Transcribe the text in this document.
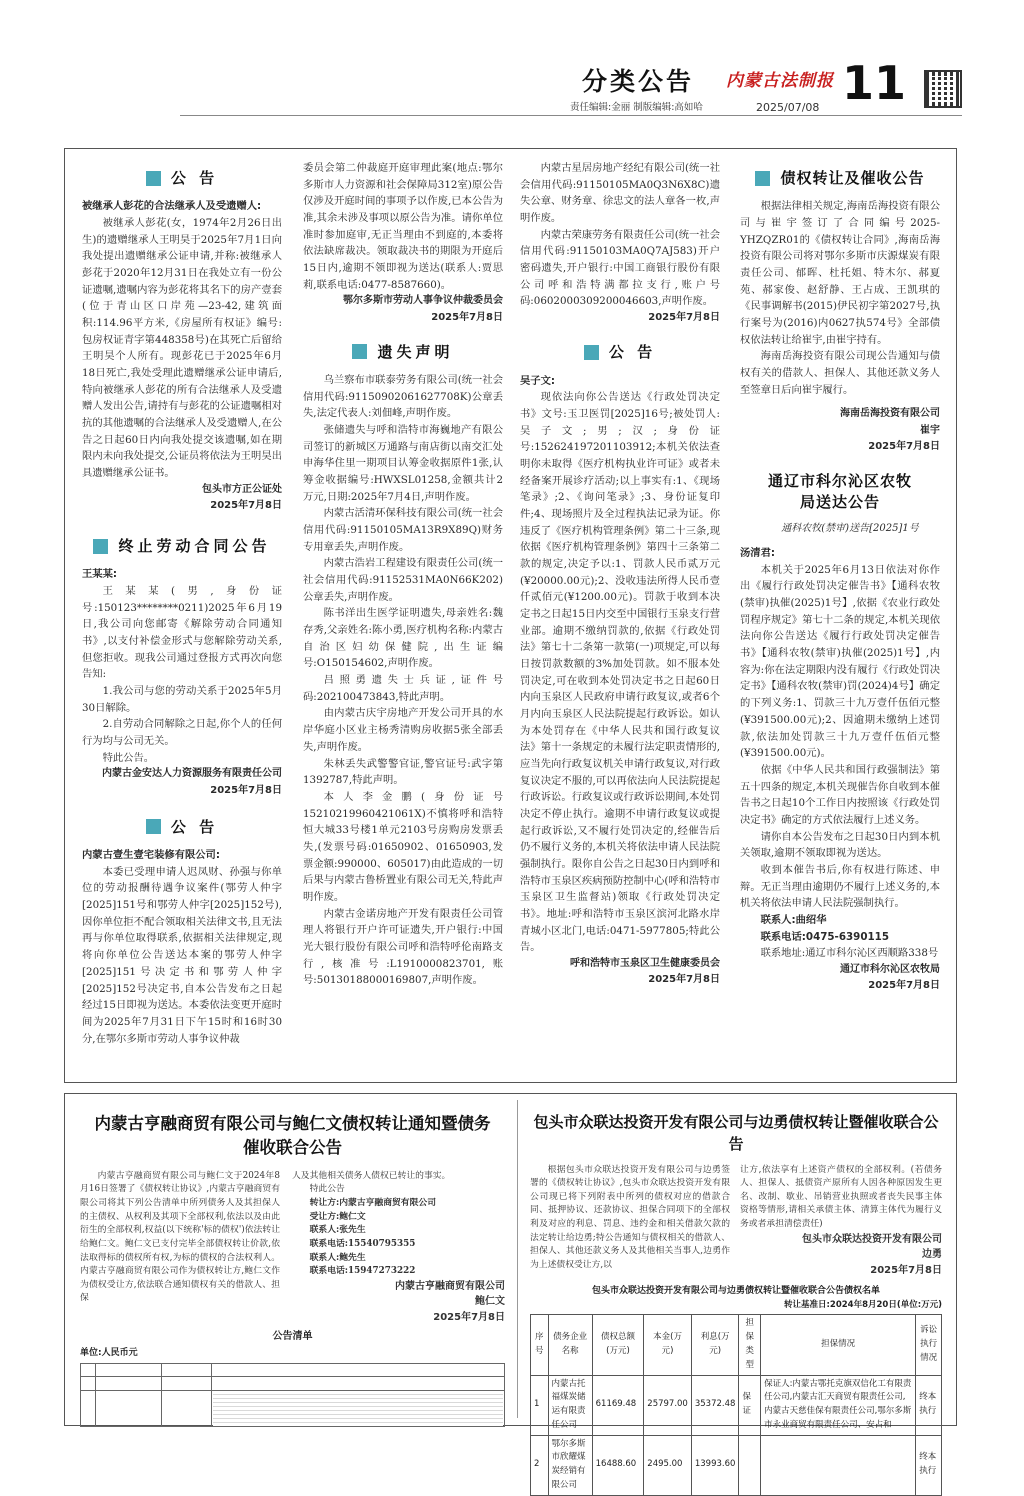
分类公告 内蒙古法制报
责任编辑:金丽 制版编辑:高如哈	2025/07/08 11
公 告

被继承人彭花的合法继承人及受遗赠人:

被继承人彭花(女，1974年2月26日出生)的遗赠继承人王明昊于2025年7月1日向我处提出遗赠继承公证申请,并称:被继承人彭花于2020年12月31日在我处立有一份公证遗嘱,遗嘱内容为彭花将其名下的房产壹套(位于青山区口岸苑—23-42,建筑面积:114.96平方米,《房屋所有权证》编号:包房权证青字第448358号)在其死亡后留给王明昊个人所有。现彭花已于2025年6月18日死亡,我处受理此遗赠继承公证申请后,特向被继承人彭花的所有合法继承人及受遗赠人发出公告,请持有与彭花的公证遗嘱相对抗的其他遗嘱的合法继承人及受遗赠人,在公告之日起60日内向我处提交该遗嘱,如在期限内未向我处提交,公证员将依法为王明昊出具遗赠继承公证书。

包头市方正公证处

2025年7月8日

终止劳动合同公告

王某某:

王某某(男,身份证号:150123********0211)2025年6月19日,我公司向您邮寄《解除劳动合同通知书》,以支付补偿金形式与您解除劳动关系,但您拒收。现我公司通过登报方式再次向您告知:

1.我公司与您的劳动关系于2025年5月30日解除。

2.自劳动合同解除之日起,你个人的任何行为均与公司无关。

特此公告。

内蒙古金安达人力资源服务有限责任公司

2025年7月8日

公 告

内蒙古壹生壹宅装修有限公司:

本委已受理申请人迟凤财、孙强与你单位的劳动报酬待遇争议案件(鄂劳人仲字[2025]151号和鄂劳人仲字[2025]152号),因你单位拒不配合领取相关法律文书,且无法再与你单位取得联系,依据相关法律规定,现将向你单位公告送达本案的鄂劳人仲字[2025]151号决定书和鄂劳人仲字[2025]152号决定书,自本公告发布之日起经过15日即视为送达。本委依法变更开庭时间为2025年7月31日下午15时和16时30分,在鄂尔多斯市劳动人事争议仲裁

委员会第二仲裁庭开庭审理此案(地点:鄂尔多斯市人力资源和社会保障局312室)原公告仅涉及开庭时间的事项予以作废,已本公告为准,其余未涉及事项以原公告为准。请你单位准时参加庭审,无正当理由不到庭的,本委将依法缺席裁决。领取裁决书的期限为开庭后15日内,逾期不领即视为送达(联系人:贾思莉,联系电话:0477-8587660)。

鄂尔多斯市劳动人事争议仲裁委员会

2025年7月8日

遗失声明

乌兰察布市联泰劳务有限公司(统一社会信用代码:91150902061627708K)公章丢失,法定代表人:刘佃峰,声明作废。

张储遗失与呼和浩特市海巍地产有限公司签订的新城区万通路与南店街以南交汇处申海华住里一期项目认筹金收据原件1张,认筹金收据编号:HWXSL01258,金额共计2万元,日期:2025年7月4日,声明作废。

内蒙古活清环保科技有限公司(统一社会信用代码:91150105MA13R9X89Q)财务专用章丢失,声明作废。

内蒙古浩岩工程建设有限责任公司(统一社会信用代码:91152531MA0N66K202)公章丢失,声明作废。

陈书洋出生医学证明遗失,母亲姓名:魏存秀,父亲姓名:陈小勇,医疗机构名称:内蒙古自治区妇幼保健院,出生证编号:O150154602,声明作废。

吕照勇遗失士兵证,证件号码:202100473843,特此声明。

由内蒙古庆宇房地产开发公司开具的水岸华庭小区业主杨秀清购房收据5张全部丢失,声明作废。

朱林丢失武警警官证,警官证号:武字第1392787,特此声明。

本人李金鹏(身份证号15210219960421061X)不慎将呼和浩特恒大城33号楼1单元2103号房购房发票丢失,(发票号码:01650902、01650903,发票金额:990000、605017)由此造成的一切后果与内蒙古鲁桥置业有限公司无关,特此声明作废。

内蒙古金诺房地产开发有限责任公司管理人将银行开户许可证遗失,开户银行:中国光大银行股份有限公司呼和浩特呼伦南路支行,核准号:L1910000823701,账号:50130188000169807,声明作废。

内蒙古星居房地产经纪有限公司(统一社会信用代码:91150105MA0Q3N6X8C)遗失公章、财务章、徐忠文的法人章各一枚,声明作废。

内蒙古荣康劳务有限责任公司(统一社会信用代码:91150103MA0Q7AJ583)开户密码遗失,开户银行:中国工商银行股份有限公司呼和浩特满都拉支行,账户号码:0602000309200046603,声明作废。

2025年7月8日

公 告

吴子文:

现依法向你公告送达《行政处罚决定书》文号:玉卫医罚[2025]16号;被处罚人:吴子文;男;汉;身份证号:152624197201103912;本机关依法查明你未取得《医疗机构执业许可证》或者未经备案开展诊疗活动;以上事实有:1、《现场笔录》;2、《询问笔录》;3、身份证复印件;4、现场照片及全过程执法记录为证。你违反了《医疗机构管理条例》第二十三条,现依据《医疗机构管理条例》第四十三条第二款的规定,决定予以:1、罚款人民币贰万元(¥20000.00元);2、没收违法所得人民币壹仟贰佰元(¥1200.00元)。罚款于收到本决定书之日起15日内交至中国银行玉泉支行营业部。逾期不缴纳罚款的,依据《行政处罚法》第七十二条第一款第(一)项规定,可以每日按罚款数额的3%加处罚款。如不服本处罚决定,可在收到本处罚决定书之日起60日内向玉泉区人民政府申请行政复议,或者6个月内向玉泉区人民法院提起行政诉讼。如认为本处罚存在《中华人民共和国行政复议法》第十一条规定的未履行法定职责情形的,应当先向行政复议机关申请行政复议,对行政复议决定不服的,可以再依法向人民法院提起行政诉讼。行政复议或行政诉讼期间,本处罚决定不停止执行。逾期不申请行政复议或提起行政诉讼,又不履行处罚决定的,经催告后仍不履行义务的,本机关将依法申请人民法院强制执行。限你自公告之日起30日内到呼和浩特市玉泉区疾病预防控制中心(呼和浩特市玉泉区卫生监督站)领取《行政处罚决定书》。地址:呼和浩特市玉泉区滨河北路水岸青城小区北门,电话:0471-5977805;特此公告。

呼和浩特市玉泉区卫生健康委员会

2025年7月8日

债权转让及催收公告

根据法律相关规定,海南岳海投资有限公司与崔宇签订了合同编号2025-YHZQZR01的《债权转让合同》,海南岳海投资有限公司将对鄂尔多斯市庆源煤炭有限责任公司、郁晖、杜托姐、特木尔、郝夏苑、郝家俊、赵舒静、王占成、王凯琪的《民事调解书(2015)伊民初字第2027号,执行案号为(2016)内0627执574号》全部债权依法转让给崔宇,由崔宇持有。

海南岳海投资有限公司现公告通知与债权有关的借款人、担保人、其他还款义务人至签章日后向崔宇履行。

海南岳海投资有限公司

崔宇

2025年7月8日

通辽市科尔沁区农牧局送达公告

通科农牧(禁审)送告[2025]1号

汤清君:

本机关于2025年6月13日依法对你作出《履行行政处罚决定催告书》【通科农牧(禁审)执催(2025)1号】,依据《农业行政处罚程序规定》第七十二条的规定,本机关现依法向你公告送达《履行行政处罚决定催告书》【通科农牧(禁审)执催(2025)1号】,内容为:你在法定期限内没有履行《行政处罚决定书》【通科农牧(禁审)罚(2024)4号】确定的下列义务:1、罚款三十九万壹仟伍佰元整(¥391500.00元);2、因逾期未缴纳上述罚款,依法加处罚款三十九万壹仟伍佰元整(¥391500.00元)。

依据《中华人民共和国行政强制法》第五十四条的规定,本机关现催告你自收到本催告书之日起10个工作日内按照该《行政处罚决定书》确定的方式依法履行上述义务。

请你自本公告发布之日起30日内到本机关领取,逾期不领取即视为送达。

收到本催告书后,你有权进行陈述、申辩。无正当理由逾期仍不履行上述义务的,本机关将依法申请人民法院强制执行。

联系人:曲绍华

联系电话:0475-6390115

联系地址:通辽市科尔沁区西顺路338号

通辽市科尔沁区农牧局

2025年7月8日

内蒙古亨融商贸有限公司与鲍仁文债权转让通知暨债务催收联合公告

内蒙古亨融商贸有限公司与鲍仁文于2024年8月16日签署了《债权转让协议》,内蒙古亨融商贸有限公司将其下列公告清单中所列债务人及其担保人的主债权、从权利及其项下全部权利,依法以及由此衍生的全部权利,权益(以下统称'标的债权')依法转让给鲍仁文。鲍仁文已支付完毕全部债权转让价款,依法取得标的债权所有权,为标的债权的合法权利人。内蒙古亨融商贸有限公司作为债权转让方,鲍仁文作为债权受让方,依法联合通知债权有关的借款人、担保

人及其他相关债务人债权已转让的事实。

特此公告

转让方:内蒙古亨融商贸有限公司

受让方:鲍仁文

联系人:张先生

联系电话:15540795355

联系人:鲍先生

联系电话:15947273222

内蒙古亨融商贸有限公司

鲍仁文

2025年7月8日

公告清单
单位:人民币元
包头市众联达投资开发有限公司与边勇债权转让暨催收联合公告

根据包头市众联达投资开发有限公司与边勇签署的《债权转让协议》,包头市众联达投资开发有限公司现已将下列附表中所列的债权对应的借款合同、抵押协议、还款协议、担保合同项下的全部权利及对应的利息、罚息、违约金和相关借款欠款的法定转让给边勇;特公告通知与债权相关的借款人、担保人、其他还款义务人及其他相关当事人,边勇作为上述债权受让方,以

让方,依法享有上述资产债权的全部权利。(若债务人、担保人、抵债资产原所有人因各种原因发生更名、改制、歇业、吊销营业执照或者丧失民事主体资格等情形,请相关承债主体、清算主体代为履行义务或者承担清偿责任)

包头市众联达投资开发有限公司

边勇

2025年7月8日

包头市众联达投资开发有限公司与边勇债权转让暨催收联合公告债权名单
转让基准日:2024年8月20日(单位:万元)
序号	债务企业名称	债权总额(万元)	本金(万元)	利息(万元)	担保类型	担保情况	诉讼执行情况
1	内蒙古托福煤炭储运有限责任公司	61169.48	25797.00	35372.48	保证	保证人:内蒙古鄂托克旗双信化工有限责任公司,内蒙古汇天商贸有限责任公司,内蒙古天慈佳保有限责任公司,鄂尔多斯市永业商贸有限责任公司、安占和	终本执行
2	鄂尔多斯市欣耀煤炭经销有限公司	16488.60	2495.00	13993.60			终本执行
